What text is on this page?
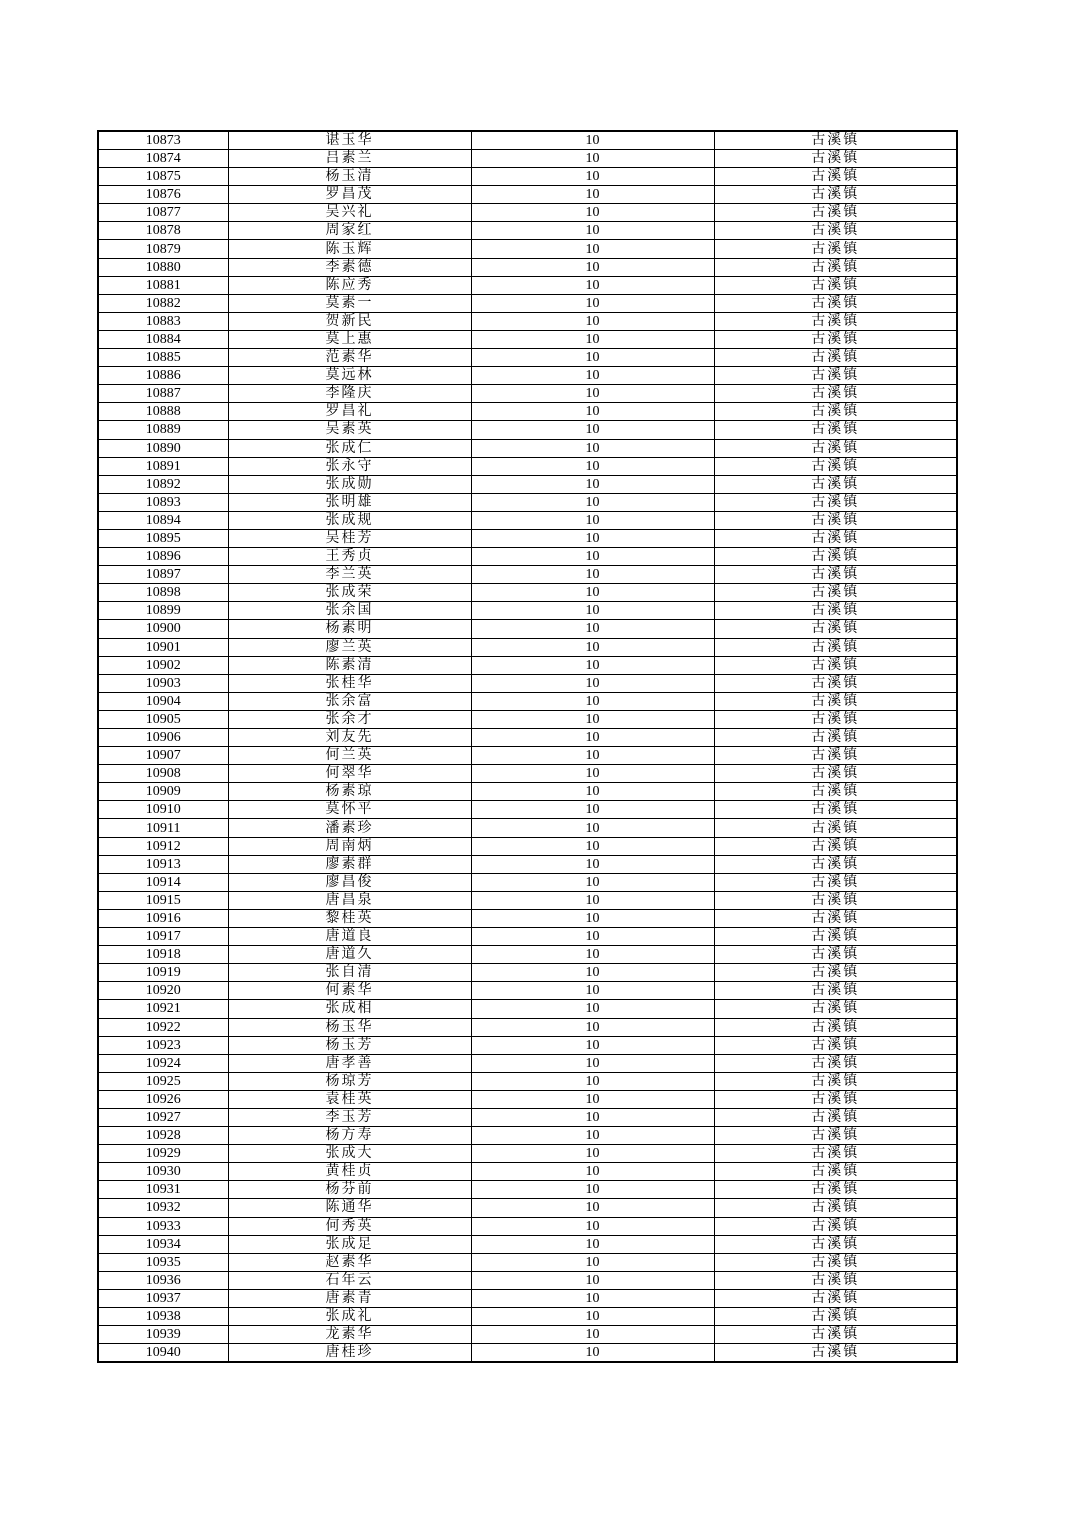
10873	谌玉华	10	古溪镇
10874	吕素兰	10	古溪镇
10875	杨玉清	10	古溪镇
10876	罗昌茂	10	古溪镇
10877	吴兴礼	10	古溪镇
10878	周家红	10	古溪镇
10879	陈玉辉	10	古溪镇
10880	李素德	10	古溪镇
10881	陈应秀	10	古溪镇
10882	莫素一	10	古溪镇
10883	贺新民	10	古溪镇
10884	莫上惠	10	古溪镇
10885	范素华	10	古溪镇
10886	莫远林	10	古溪镇
10887	李隆庆	10	古溪镇
10888	罗昌礼	10	古溪镇
10889	吴素英	10	古溪镇
10890	张成仁	10	古溪镇
10891	张永守	10	古溪镇
10892	张成勋	10	古溪镇
10893	张明雄	10	古溪镇
10894	张成规	10	古溪镇
10895	吴桂芳	10	古溪镇
10896	王秀贞	10	古溪镇
10897	李兰英	10	古溪镇
10898	张成荣	10	古溪镇
10899	张余国	10	古溪镇
10900	杨素明	10	古溪镇
10901	廖兰英	10	古溪镇
10902	陈素清	10	古溪镇
10903	张桂华	10	古溪镇
10904	张余富	10	古溪镇
10905	张余才	10	古溪镇
10906	刘友先	10	古溪镇
10907	何兰英	10	古溪镇
10908	何翠华	10	古溪镇
10909	杨素琼	10	古溪镇
10910	莫怀平	10	古溪镇
10911	潘素珍	10	古溪镇
10912	周南炳	10	古溪镇
10913	廖素群	10	古溪镇
10914	廖昌俊	10	古溪镇
10915	唐昌泉	10	古溪镇
10916	黎桂英	10	古溪镇
10917	唐道良	10	古溪镇
10918	唐道久	10	古溪镇
10919	张自清	10	古溪镇
10920	何素华	10	古溪镇
10921	张成相	10	古溪镇
10922	杨玉华	10	古溪镇
10923	杨玉芳	10	古溪镇
10924	唐孝善	10	古溪镇
10925	杨琼芳	10	古溪镇
10926	袁桂英	10	古溪镇
10927	李玉芳	10	古溪镇
10928	杨方寿	10	古溪镇
10929	张成大	10	古溪镇
10930	黄桂贞	10	古溪镇
10931	杨芬前	10	古溪镇
10932	陈通华	10	古溪镇
10933	何秀英	10	古溪镇
10934	张成足	10	古溪镇
10935	赵素华	10	古溪镇
10936	石年云	10	古溪镇
10937	唐素青	10	古溪镇
10938	张成礼	10	古溪镇
10939	龙素华	10	古溪镇
10940	唐桂珍	10	古溪镇
